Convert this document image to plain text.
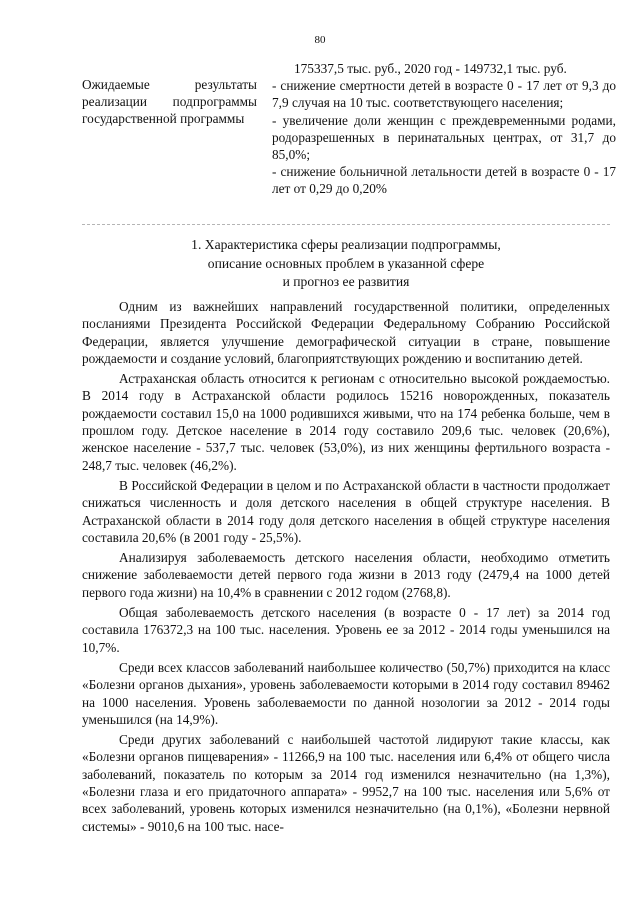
80
Ожидаемые результаты реализации подпрограммы государственной программы

175337,5 тыс. руб., 2020 год - 149732,1 тыс. руб.

- снижение смертности детей в возрасте 0 - 17 лет от 9,3 до 7,9 случая на 10 тыс. соответствующего населения;

- увеличение доли женщин с преждевременными родами, родоразрешенных в перинатальных центрах, от 31,7 до 85,0%;

- снижение больничной летальности детей в возрасте 0 - 17 лет от 0,29 до 0,20%

1. Характеристика сферы реализации подпрограммы,
описание основных проблем в указанной сфере
и прогноз ее развития

Одним из важнейших направлений государственной политики, определенных посланиями Президента Российской Федерации Федеральному Собранию Российской Федерации, является улучшение демографической ситуации в стране, повышение рождаемости и создание условий, благоприятствующих рождению и воспитанию детей.

Астраханская область относится к регионам с относительно высокой рождаемостью. В 2014 году в Астраханской области родилось 15216 новорожденных, показатель рождаемости составил 15,0 на 1000 родившихся живыми, что на 174 ребенка больше, чем в прошлом году. Детское население в 2014 году составило 209,6 тыс. человек (20,6%), женское население - 537,7 тыс. человек (53,0%), из них женщины фертильного возраста - 248,7 тыс. человек (46,2%).

В Российской Федерации в целом и по Астраханской области в частности продолжает снижаться численность и доля детского населения в общей структуре населения. В Астраханской области в 2014 году доля детского населения в общей структуре населения составила 20,6% (в 2001 году - 25,5%).

Анализируя заболеваемость детского населения области, необходимо отметить снижение заболеваемости детей первого года жизни в 2013 году (2479,4 на 1000 детей первого года жизни) на 10,4% в сравнении с 2012 годом (2768,8).

Общая заболеваемость детского населения (в возрасте 0 - 17 лет) за 2014 год составила 176372,3 на 100 тыс. населения. Уровень ее за 2012 - 2014 годы уменьшился на 10,7%.

Среди всех классов заболеваний наибольшее количество (50,7%) приходится на класс «Болезни органов дыхания», уровень заболеваемости которыми в 2014 году составил 89462 на 1000 населения. Уровень заболеваемости по данной нозологии за 2012 - 2014 годы уменьшился (на 14,9%).

Среди других заболеваний с наибольшей частотой лидируют такие классы, как «Болезни органов пищеварения» - 11266,9 на 100 тыс. населения или 6,4% от общего числа заболеваний, показатель по которым за 2014 год изменился незначительно (на 1,3%), «Болезни глаза и его придаточного аппарата» - 9952,7 на 100 тыс. населения или 5,6% от всех заболеваний, уровень которых изменился незначительно (на 0,1%), «Болезни нервной системы» - 9010,6 на 100 тыс. насе-
